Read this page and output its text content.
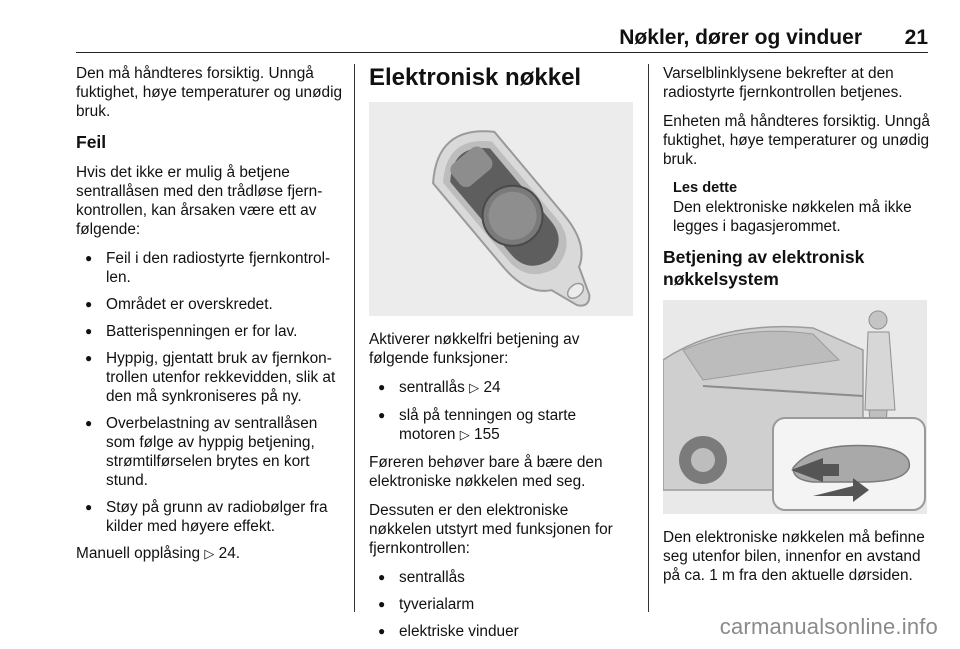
Nøkler, dører og vinduer 21

Den må håndteres forsiktig. Unngå fuktighet, høye temperaturer og unødig bruk.

Feil

Hvis det ikke er mulig å betjene sentrallåsen med den trådløse fjernkontrollen, kan årsaken være ett av følgende:

● Feil i den radiostyrte fjernkontrollen.
● Området er overskredet.
● Batterispenningen er for lav.
● Hyppig, gjentatt bruk av fjernkontrollen utenfor rekkevidden, slik at den må synkroniseres på ny.
● Overbelastning av sentrallåsen som følge av hyppig betjening, strømtilførselen brytes en kort stund.
● Støy på grunn av radiobølger fra kilder med høyere effekt.

Manuell opplåsing ▷ 24.

Elektronisk nøkkel

Aktiverer nøkkelfri betjening av følgende funksjoner:

● sentrallås ▷ 24
● slå på tenningen og starte motoren ▷ 155

Føreren behøver bare å bære den elektroniske nøkkelen med seg.

Dessuten er den elektroniske nøkkelen utstyrt med funksjonen for fjernkontrollen:

● sentrallås
● tyverialarm
● elektriske vinduer

Varselblinklysene bekrefter at den radiostyrte fjernkontrollen betjenes.

Enheten må håndteres forsiktig. Unngå fuktighet, høye temperaturer og unødig bruk.

Les dette
Den elektroniske nøkkelen må ikke legges i bagasjerommet.
Betjening av elektronisk nøkkelsystem

Den elektroniske nøkkelen må befinne seg utenfor bilen, innenfor en avstand på ca. 1 m fra den aktuelle dørsiden.

carmanualsonline.info
